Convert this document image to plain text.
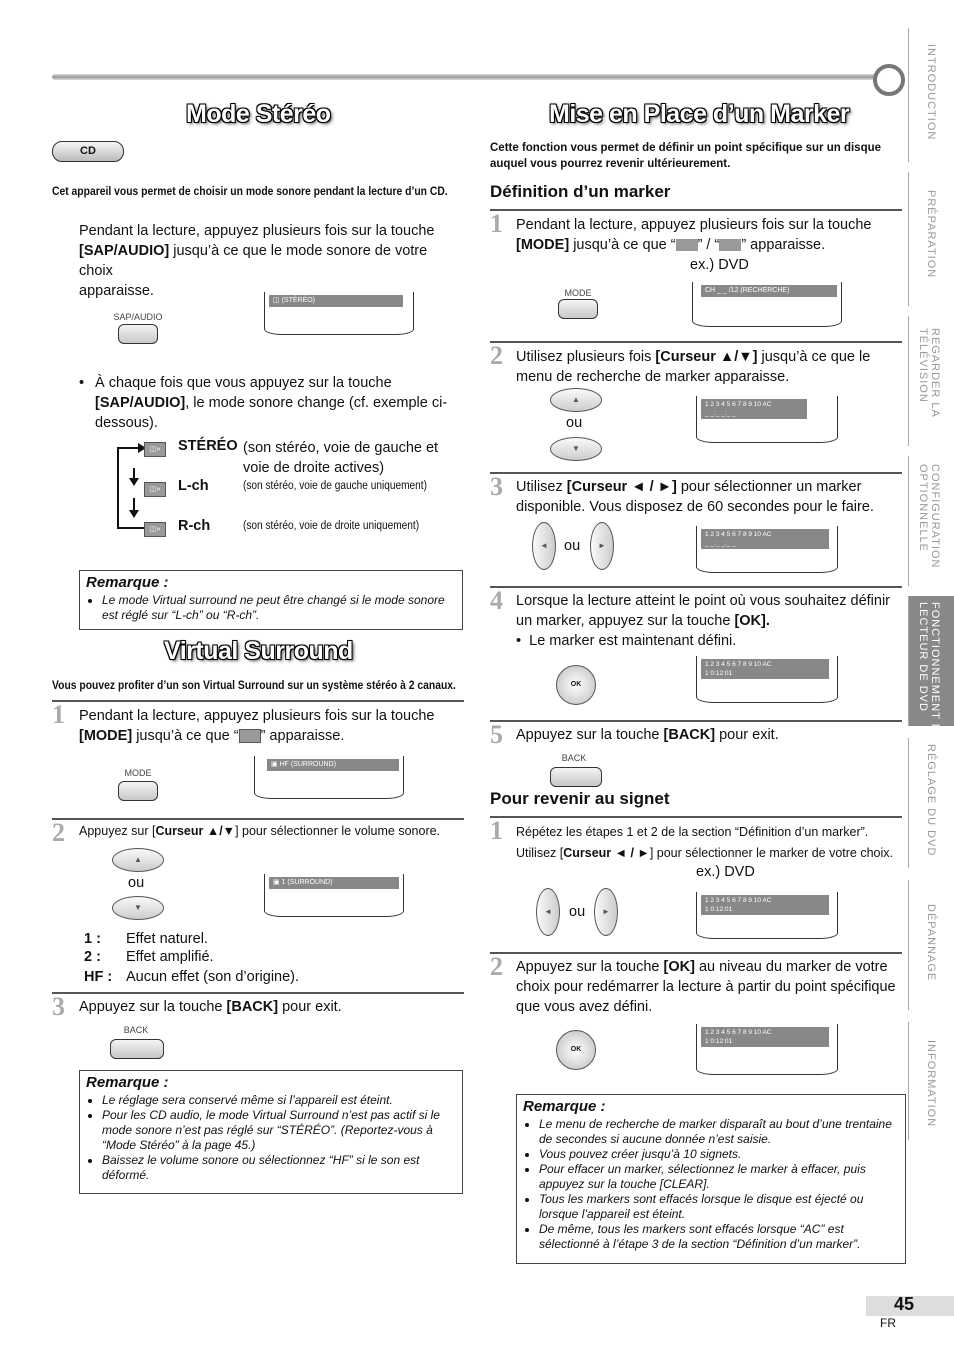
INTRODUCTION
PRÉPARATION
REGARDER LA
TÉLÉVISION
CONFIGURATION
OPTIONNELLE
FONCTIONNEMENT DU
LECTEUR DE DVD
RÉGLAGE DU DVD
DÉPANNAGE
INFORMATION
Mode Stéréo
CD
Cet appareil vous permet de choisir un mode sonore pendant la lecture d’un CD.
Pendant la lecture, appuyez plusieurs fois sur la touche
[SAP/AUDIO] jusqu’à ce que le mode sonore de votre choix
apparaisse.
SAP/AUDIO
◫ (STÉRÉO)
• À chaque fois que vous appuyez sur la touche
[SAP/AUDIO], le mode sonore change (cf. exemple ci-
dessous).
◫»
◫»
◫»
STÉRÉO (son stéréo, voie de gauche et
voie de droite actives)
L-ch	(son stéréo, voie de gauche uniquement)
R-ch	(son stéréo, voie de droite uniquement)
Remarque :
• Le mode Virtual surround ne peut être changé si le mode sonore est réglé sur “L-ch” ou “R-ch”.
Virtual Surround
Vous pouvez profiter d’un son Virtual Surround sur un système stéréo à 2 canaux.
1 Pendant la lecture, appuyez plusieurs fois sur la touche
[MODE] jusqu’à ce que “ ” apparaisse.
MODE
▣ HF (SURROUND)
2 Appuyez sur [Curseur ▲/▼] pour sélectionner le volume sonore.
▲
ou
▼
▣ 1 (SURROUND)
1 : Effet naturel.
2 : Effet amplifié.
HF : Aucun effet (son d’origine).
3 Appuyez sur la touche [BACK] pour exit.
BACK
Remarque :
• Le réglage sera conservé même si l’appareil est éteint.
• Pour les CD audio, le mode Virtual Surround n’est pas actif si le mode sonore n’est pas réglé sur “STÉRÉO”. (Reportez-vous à “Mode Stéréo” à la page 45.)
• Baissez le volume sonore ou sélectionnez “HF” si le son est déformé.
Mise en Place d’un Marker
Cette fonction vous permet de définir un point spécifique sur un disque auquel vous pourrez revenir ultérieurement.
Définition d’un marker
1 Pendant la lecture, appuyez plusieurs fois sur la touche
[MODE] jusqu’à ce que “ ” / “ ” apparaisse.
ex.) DVD
MODE	CH _ _ /12 (RECHERCHE)
2 Utilisez plusieurs fois [Curseur ▲/▼] jusqu’à ce que le menu de recherche de marker apparaisse.
▲
ou
▼
1 2 3 4 5 6 7 8 9 10 AC
_ _:_ _:_ _
3 Utilisez [Curseur ◄ / ►] pour sélectionner un marker disponible. Vous disposez de 60 secondes pour le faire.
◄	ou	►
1 2 3 4 5 6 7 8 9 10 AC
_ _:_ _:_ _
4 Lorsque la lecture atteint le point où vous souhaitez définir un marker, appuyez sur la touche [OK].
•  Le marker est maintenant défini.
OK
1 2 3 4 5 6 7 8 9 10 AC
1 0:12:01
5 Appuyez sur la touche [BACK] pour exit.
BACK
Pour revenir au signet
1 Répétez les étapes 1 et 2 de la section “Définition d’un marker”.
Utilisez [Curseur ◄ / ►] pour sélectionner le marker de votre choix.
ex.) DVD
◄	ou	►
1 2 3 4 5 6 7 8 9 10 AC
1 0:12:01
2 Appuyez sur la touche [OK] au niveau du marker de votre choix pour redémarrer la lecture à partir du point spécifique que vous avez défini.
OK
1 2 3 4 5 6 7 8 9 10 AC
1 0:12:01
Remarque :
• Le menu de recherche de marker disparaît au bout d’une trentaine de secondes si aucune donnée n’est saisie.
• Vous pouvez créer jusqu’à 10 signets.
• Pour effacer un marker, sélectionnez le marker à effacer, puis appuyez sur la touche [CLEAR].
• Tous les markers sont effacés lorsque le disque est éjecté ou lorsque l’appareil est éteint.
• De même, tous les markers sont effacés lorsque “AC” est sélectionné à l’étape 3 de la section “Définition d’un marker”.
45
FR
